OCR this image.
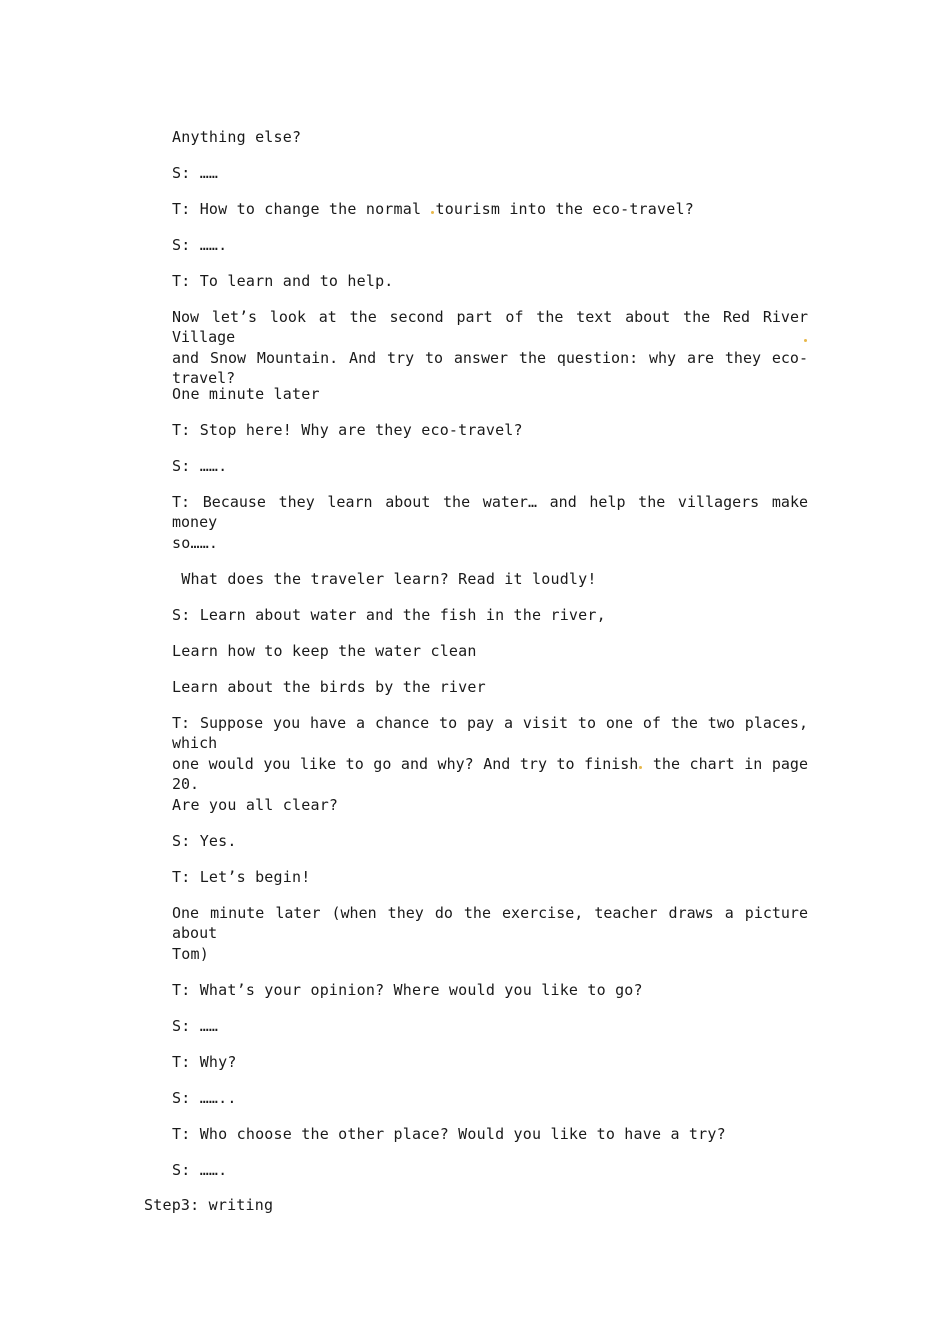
Anything else?
S: ……
T: How to change the normal tourism into the eco-travel?
S: …….
T: To learn and to help.
Now let’s look at the second part of the text about the Red River Village
and Snow Mountain. And try to answer the question: why are they eco-travel?
One minute later
T: Stop here! Why are they eco-travel?
S: …….
T: Because they learn about the water… and help the villagers make money
so…….
What does the traveler learn? Read it loudly!
S: Learn about water and the fish in the river,
Learn how to keep the water clean
Learn about the birds by the river
T: Suppose you have a chance to pay a visit to one of the two places, which
one would you like to go and why? And try to finish the chart in page 20.
Are you all clear?
S: Yes.
T: Let’s begin!
One minute later (when they do the exercise, teacher draws a picture about
Tom)
T: What’s your opinion? Where would you like to go?
S: ……
T: Why?
S: ……..
T: Who choose the other place? Would you like to have a try?
S: …….
Step3: writing
